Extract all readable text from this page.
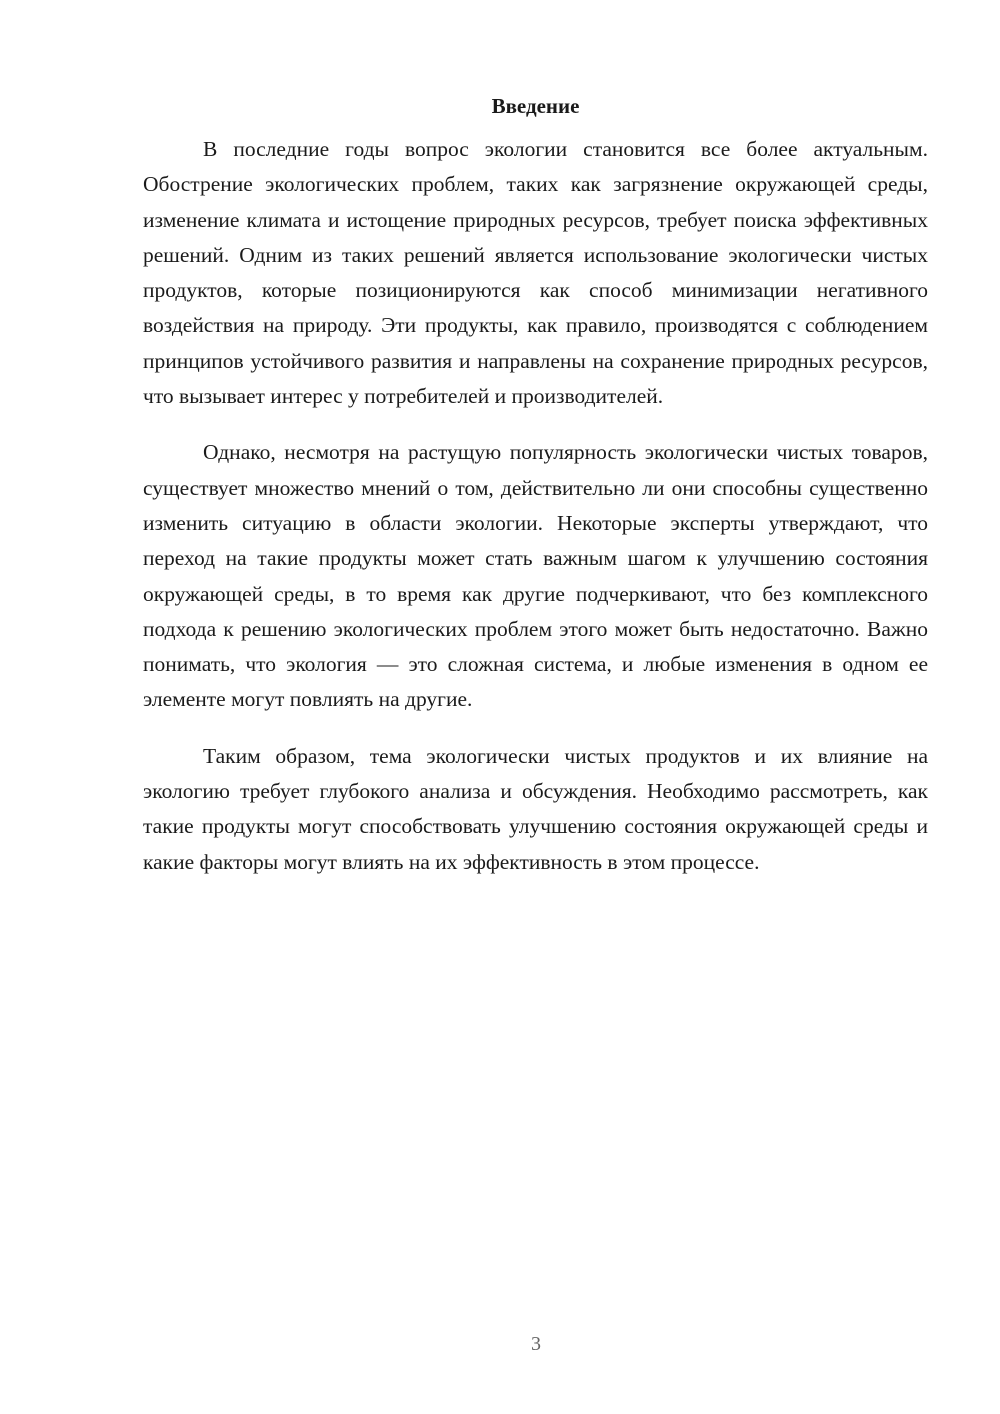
Введение

В последние годы вопрос экологии становится все более актуальным. Обострение экологических проблем, таких как загрязнение окружающей среды, изменение климата и истощение природных ресурсов, требует поиска эффективных решений. Одним из таких решений является использование экологически чистых продуктов, которые позиционируются как способ минимизации негативного воздействия на природу. Эти продукты, как правило, производятся с соблюдением принципов устойчивого развития и направлены на сохранение природных ресурсов, что вызывает интерес у потребителей и производителей.

Однако, несмотря на растущую популярность экологически чистых товаров, существует множество мнений о том, действительно ли они способны существенно изменить ситуацию в области экологии. Некоторые эксперты утверждают, что переход на такие продукты может стать важным шагом к улучшению состояния окружающей среды, в то время как другие подчеркивают, что без комплексного подхода к решению экологических проблем этого может быть недостаточно. Важно понимать, что экология — это сложная система, и любые изменения в одном ее элементе могут повлиять на другие.

Таким образом, тема экологически чистых продуктов и их влияние на экологию требует глубокого анализа и обсуждения. Необходимо рассмотреть, как такие продукты могут способствовать улучшению состояния окружающей среды и какие факторы могут влиять на их эффективность в этом процессе.

3
